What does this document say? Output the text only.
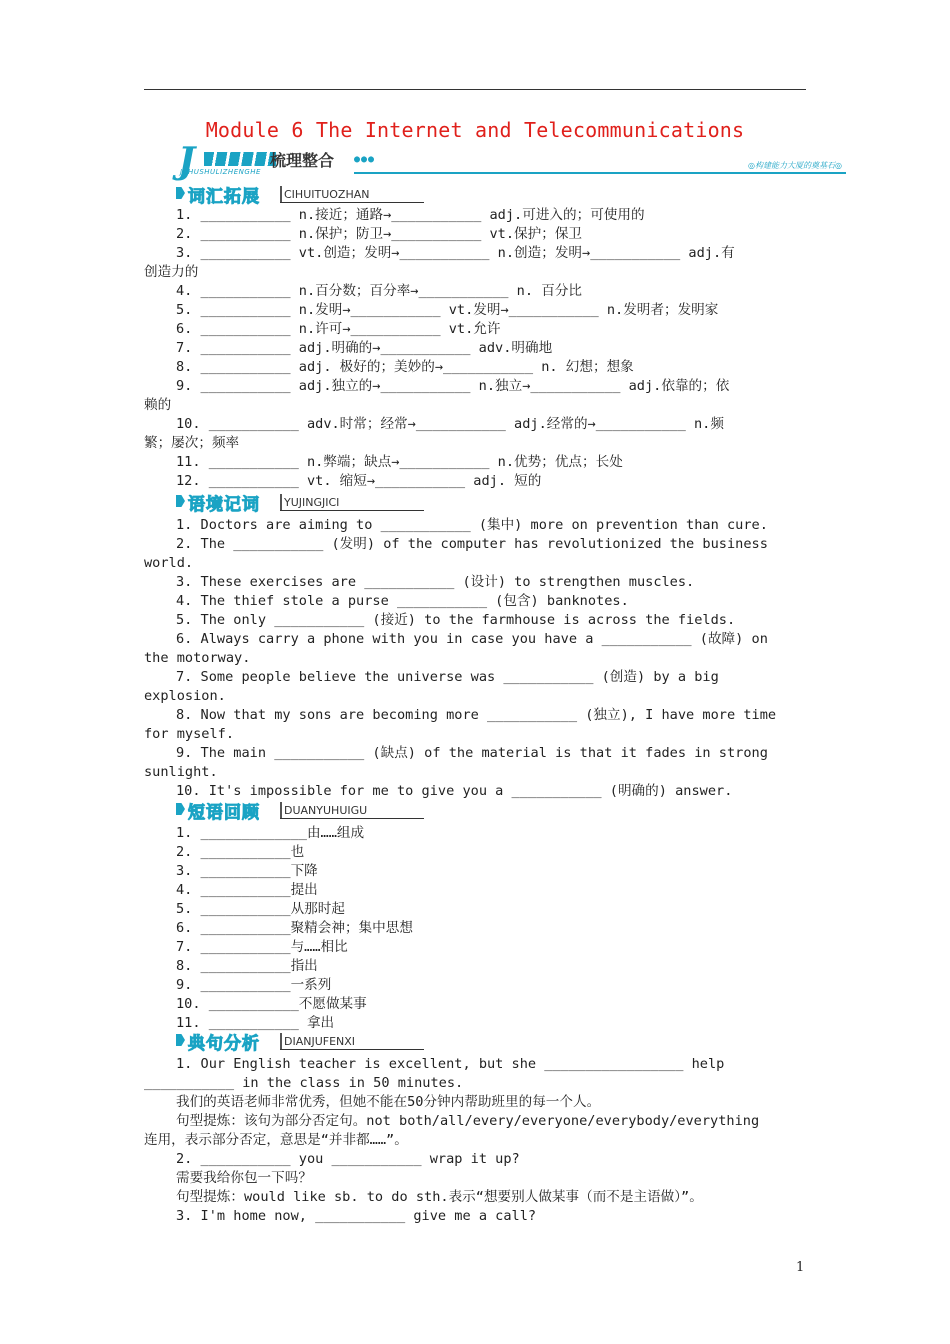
Module 6 The Internet and Telecommunications
J
JCHUSHULIZHENGHE
梳理整合 ●●●
◎构建能力大厦的奠基石◎
词汇拓展 CIHUITUOZHAN
语境记词 YUJINGJICI
短语回顾 DUANYUHUIGU
典句分析 DIANJUFENXI
1. ___________ n.接近；通路→___________ adj.可进入的；可使用的
2. ___________ n.保护；防卫→___________ vt.保护；保卫
3. ___________ vt.创造；发明→___________ n.创造；发明→___________ adj.有
创造力的
4. ___________ n.百分数；百分率→___________ n. 百分比
5. ___________ n.发明→___________ vt.发明→___________ n.发明者；发明家
6. ___________ n.许可→___________ vt.允许
7. ___________ adj.明确的→___________ adv.明确地
8. ___________ adj. 极好的；美妙的→___________ n. 幻想；想象
9. ___________ adj.独立的→___________ n.独立→___________ adj.依靠的；依
赖的
10. ___________ adv.时常；经常→___________ adj.经常的→___________ n.频
繁；屡次；频率
11. ___________ n.弊端；缺点→___________ n.优势；优点；长处
12. ___________ vt. 缩短→___________ adj. 短的
1. Doctors are aiming to ___________ (集中) more on prevention than cure.
2. The ___________ (发明) of the computer has revolutionized the business
world.
3. These exercises are ___________ (设计) to strengthen muscles.
4. The thief stole a purse ___________ (包含) banknotes.
5. The only ___________ (接近) to the farmhouse is across the fields.
6. Always carry a phone with you in case you have a ___________ (故障) on
the motorway.
7. Some people believe the universe was ___________ (创造) by a big
explosion.
8. Now that my sons are becoming more ___________ (独立), I have more time
for myself.
9. The main ___________ (缺点) of the material is that it fades in strong
sunlight.
10. It's impossible for me to give you a ___________ (明确的) answer.
1. _____________由……组成
2. ___________也
3. ___________下降
4. ___________提出
5. ___________从那时起
6. ___________聚精会神；集中思想
7. ___________与……相比
8. ___________指出
9. ___________一系列
10. ___________不愿做某事
11. ___________ 拿出
1. Our English teacher is excellent, but she _________________ help
___________ in the class in 50 minutes.
我们的英语老师非常优秀，但她不能在50分钟内帮助班里的每一个人。
句型提炼：该句为部分否定句。not both/all/every/everyone/everybody/everything
连用，表示部分否定，意思是“并非都……”。
2. ___________ you ___________ wrap it up?
需要我给你包一下吗？
句型提炼：would like sb. to do sth.表示“想要别人做某事（而不是主语做）”。
3. I'm home now, ___________ give me a call?
1
